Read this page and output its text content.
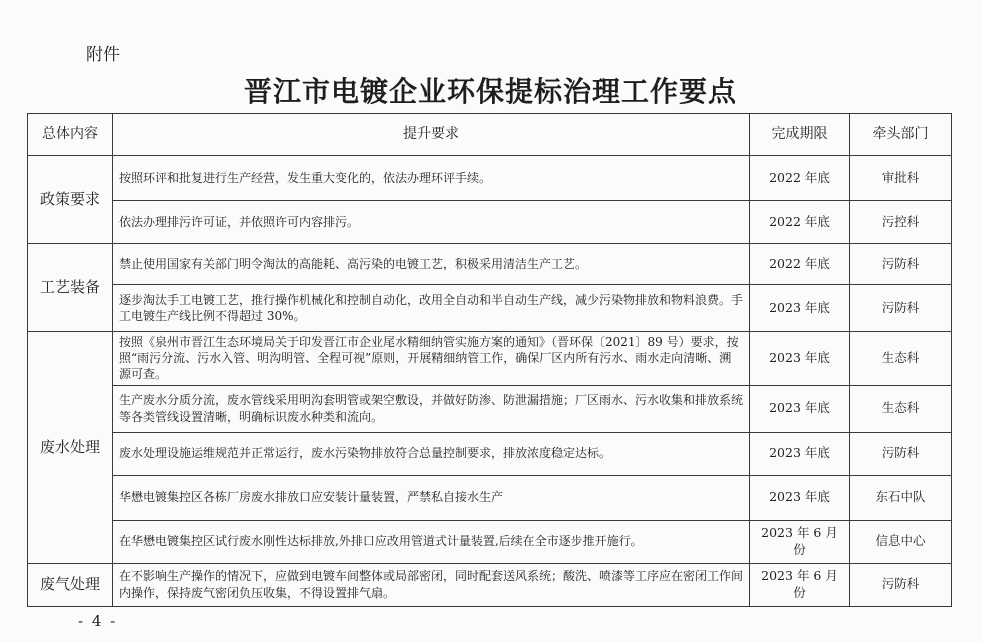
附件
晋江市电镀企业环保提标治理工作要点
总体内容	提升要求	完成期限	牵头部门
政策要求	按照环评和批复进行生产经营，发生重大变化的，依法办理环评手续。	2022 年底	审批科
	依法办理排污许可证，并依照许可内容排污。	2022 年底	污控科
工艺装备	禁止使用国家有关部门明令淘汰的高能耗、高污染的电镀工艺，积极采用清洁生产工艺。	2022 年底	污防科
	逐步淘汰手工电镀工艺，推行操作机械化和控制自动化，改用全自动和半自动生产线，减少污染物排放和物料浪费。手工电镀生产线比例不得超过 30%。	2023 年底	污防科
废水处理	按照《泉州市晋江生态环境局关于印发晋江市企业尾水精细纳管实施方案的通知》（晋环保〔2021〕89 号）要求，按照“雨污分流、污水入管、明沟明管、全程可视”原则，开展精细纳管工作，确保厂区内所有污水、雨水走向清晰、溯源可查。	2023 年底	生态科
	生产废水分质分流，废水管线采用明沟套明管或架空敷设，并做好防渗、防泄漏措施；厂区雨水、污水收集和排放系统等各类管线设置清晰，明确标识废水种类和流向。	2023 年底	生态科
	废水处理设施运维规范并正常运行，废水污染物排放符合总量控制要求，排放浓度稳定达标。	2023 年底	污防科
	华懋电镀集控区各栋厂房废水排放口应安装计量装置，严禁私自接水生产	2023 年底	东石中队
	在华懋电镀集控区试行废水刚性达标排放,外排口应改用管道式计量装置,后续在全市逐步推开施行。	2023 年 6 月份	信息中心
废气处理	在不影响生产操作的情况下，应做到电镀车间整体或局部密闭，同时配套送风系统；酸洗、喷漆等工序应在密闭工作间内操作，保持废气密闭负压收集，不得设置排气扇。	2023 年 6 月份	污防科
- 4 -
